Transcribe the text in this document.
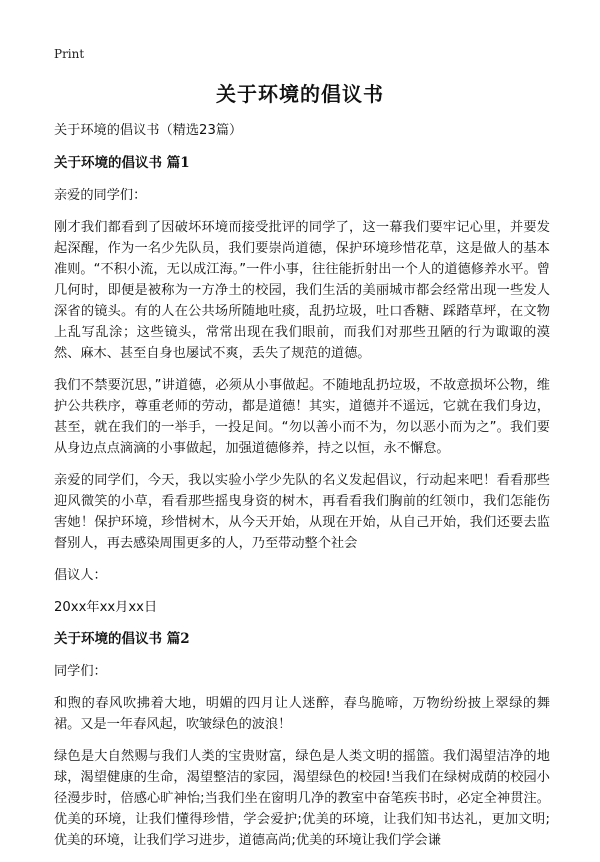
Print
关于环境的倡议书

关于环境的倡议书（精选23篇）

关于环境的倡议书 篇1

亲爱的同学们：

刚才我们都看到了因破坏环境而接受批评的同学了，这一幕我们要牢记心里，并要发起深醒，作为一名少先队员，我们要崇尚道德，保护环境珍惜花草，这是做人的基本准则。“不积小流，无以成江海。”一件小事，往往能折射出一个人的道德修养水平。曾几何时，即便是被称为一方净土的校园，我们生活的美丽城市都会经常出现一些发人深省的镜头。有的人在公共场所随地吐痰，乱扔垃圾，吐口香糖、踩踏草坪，在文物上乱写乱涂；这些镜头，常常出现在我们眼前，而我们对那些丑陋的行为诹诹的漠然、麻木、甚至自身也屡试不爽，丢失了规范的道德。

我们不禁要沉思，”讲道德，必须从小事做起。不随地乱扔垃圾，不故意损坏公物，维护公共秩序，尊重老师的劳动，都是道德！其实，道德并不遥远，它就在我们身边，甚至，就在我们的一举手，一投足间。“勿以善小而不为，勿以恶小而为之”。我们要从身边点点滴滴的小事做起，加强道德修养，持之以恒，永不懈怠。

亲爱的同学们，今天，我以实验小学少先队的名义发起倡议，行动起来吧！看看那些迎风微笑的小草，看看那些摇曳身资的树木，再看看我们胸前的红领巾，我们怎能伤害她！保护环境，珍惜树木，从今天开始，从现在开始，从自己开始，我们还要去监督别人，再去感染周围更多的人，乃至带动整个社会

倡议人：

20xx年xx月xx日

关于环境的倡议书 篇2

同学们：

和煦的春风吹拂着大地，明媚的四月让人迷醉，春鸟脆啼，万物纷纷披上翠绿的舞裙。又是一年春风起，吹皱绿色的波浪！

绿色是大自然赐与我们人类的宝贵财富，绿色是人类文明的摇篮。我们渴望洁净的地球，渴望健康的生命，渴望整洁的家园，渴望绿色的校园!当我们在绿树成荫的校园小径漫步时，倍感心旷神怡;当我们坐在窗明几净的教室中奋笔疾书时，必定全神贯注。优美的环境，让我们懂得珍惜，学会爱护;优美的环境，让我们知书达礼，更加文明;优美的环境，让我们学习进步，道德高尚;优美的环境让我们学会谦
